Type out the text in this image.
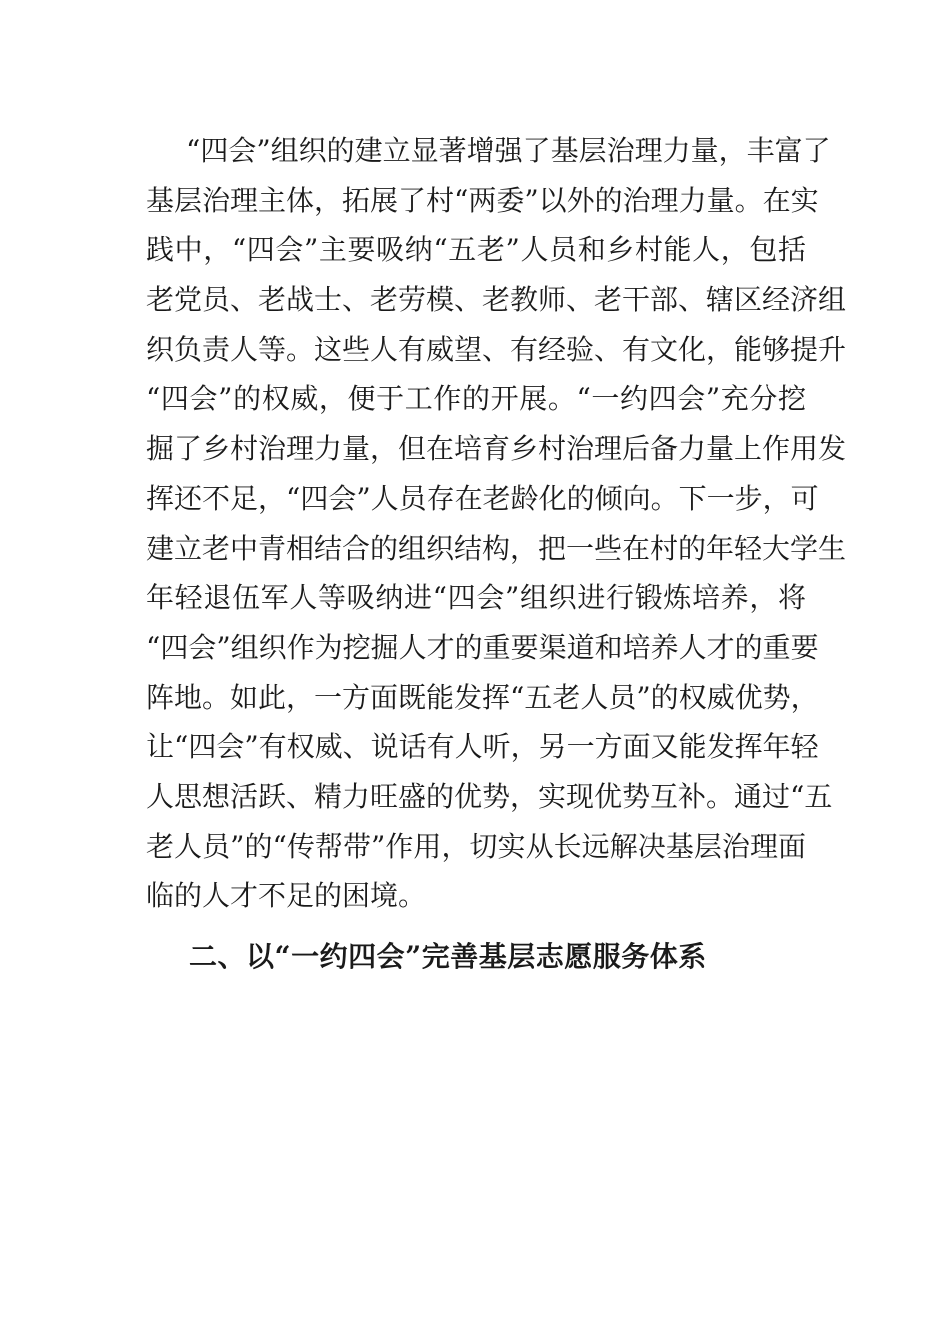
“四会”组织的建立显著增强了基层治理力量，丰富了
基层治理主体，拓展了村“两委”以外的治理力量。在实
践中，“四会”主要吸纳“五老”人员和乡村能人，包括
老党员、老战士、老劳模、老教师、老干部、辖区经济组
织负责人等。这些人有威望、有经验、有文化，能够提升
“四会”的权威，便于工作的开展。“一约四会”充分挖
掘了乡村治理力量，但在培育乡村治理后备力量上作用发
挥还不足，“四会”人员存在老龄化的倾向。下一步，可
建立老中青相结合的组织结构，把一些在村的年轻大学生
年轻退伍军人等吸纳进“四会”组织进行锻炼培养，将
“四会”组织作为挖掘人才的重要渠道和培养人才的重要
阵地。如此，一方面既能发挥“五老人员”的权威优势，
让“四会”有权威、说话有人听，另一方面又能发挥年轻
人思想活跃、精力旺盛的优势，实现优势互补。通过“五
老人员”的“传帮带”作用，切实从长远解决基层治理面
临的人才不足的困境。
二、以“一约四会”完善基层志愿服务体系
